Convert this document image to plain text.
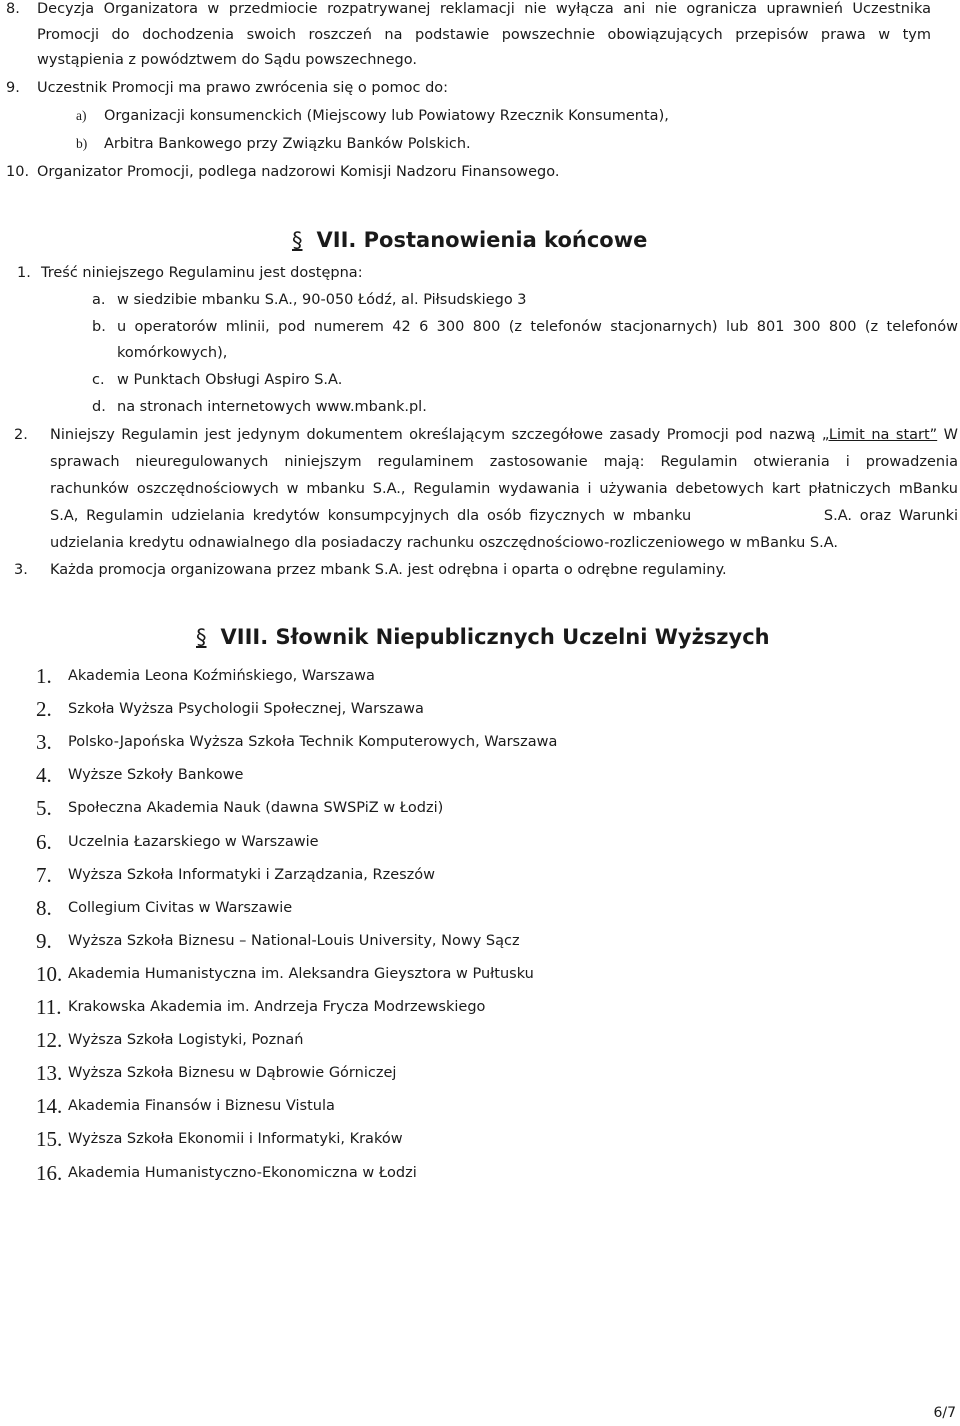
8. Decyzja Organizatora w przedmiocie rozpatrywanej reklamacji nie wyłącza ani nie ogranicza uprawnień Uczestnika
Promocji do dochodzenia swoich roszczeń na podstawie powszechnie obowiązujących przepisów prawa w tym
wystąpienia z powództwem do Sądu powszechnego.
9. Uczestnik Promocji ma prawo zwrócenia się o pomoc do:
a) Organizacji konsumenckich (Miejscowy lub Powiatowy Rzecznik Konsumenta),
b) Arbitra Bankowego przy Związku Banków Polskich.
10. Organizator Promocji, podlega nadzorowi Komisji Nadzoru Finansowego.
§ VII. Postanowienia końcowe
1. Treść niniejszego Regulaminu jest dostępna:
a. w siedzibie mbanku S.A., 90-050 Łódź, al. Piłsudskiego 3
b. u operatorów mlinii, pod numerem 42 6 300 800 (z telefonów stacjonarnych) lub 801 300 800 (z telefonów
komórkowych),
c. w Punktach Obsługi Aspiro S.A.
d. na stronach internetowych www.mbank.pl.
2. Niniejszy Regulamin jest jedynym dokumentem określającym szczegółowe zasady Promocji pod nazwą „Limit na start” W
sprawach nieuregulowanych niniejszym regulaminem zastosowanie mają: Regulamin otwierania i prowadzenia
rachunków oszczędnościowych w mbanku S.A., Regulamin wydawania i używania debetowych kart płatniczych mBanku
S.A, Regulamin udzielania kredytów konsumpcyjnych dla osób fizycznych w mbanku                 S.A. oraz Warunki
udzielania kredytu odnawialnego dla posiadaczy rachunku oszczędnościowo-rozliczeniowego w mBanku S.A.
3. Każda promocja organizowana przez mbank S.A. jest odrębna i oparta o odrębne regulaminy.
§ VIII. Słownik Niepublicznych Uczelni Wyższych
1. Akademia Leona Koźmińskiego, Warszawa
2. Szkoła Wyższa Psychologii Społecznej, Warszawa
3. Polsko-Japońska Wyższa Szkoła Technik Komputerowych, Warszawa
4. Wyższe Szkoły Bankowe
5. Społeczna Akademia Nauk (dawna SWSPiZ w Łodzi)
6. Uczelnia Łazarskiego w Warszawie
7. Wyższa Szkoła Informatyki i Zarządzania, Rzeszów
8. Collegium Civitas w Warszawie
9. Wyższa Szkoła Biznesu – National-Louis University, Nowy Sącz
10. Akademia Humanistyczna im. Aleksandra Gieysztora w Pułtusku
11. Krakowska Akademia im. Andrzeja Frycza Modrzewskiego
12. Wyższa Szkoła Logistyki, Poznań
13. Wyższa Szkoła Biznesu w Dąbrowie Górniczej
14. Akademia Finansów i Biznesu Vistula
15. Wyższa Szkoła Ekonomii i Informatyki, Kraków
16. Akademia Humanistyczno-Ekonomiczna w Łodzi
6/7
